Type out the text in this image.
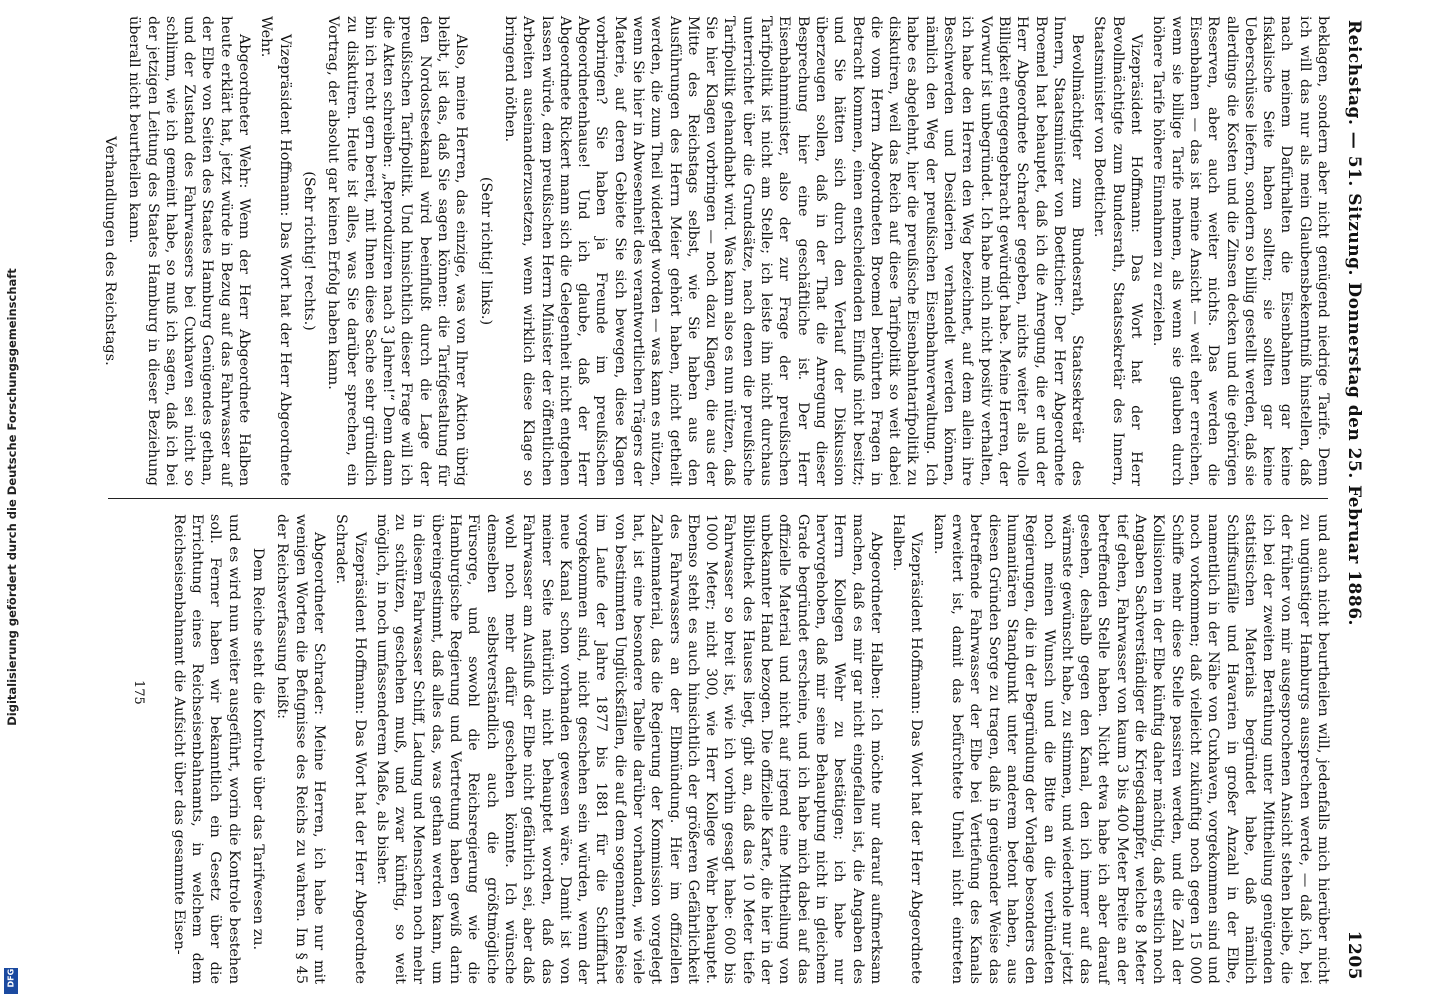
Digitalisierung gefördert durch die Deutsche Forschungsgemeinschaft
DFG
Reichstag. — 51. Sitzung. Donnerstag den 25. Februar 1886.
1205

beklagen, sondern aber nicht genügend niedrige Tarife. Denn ich will das nur als mein Glaubensbekenntniß hinstellen, daß nach meinem Dafürhalten die Eisenbahnen gar keine fiskalische Seite haben sollten; sie sollten gar keine Ueberschüsse liefern, sondern so billig gestellt werden, daß sie allerdings die Kosten und die Zinsen decken und die gehörigen Reserven, aber auch weiter nichts. Das werden die Eisenbahnen — das ist meine Ansicht — weit eher erreichen, wenn sie billige Tarife nehmen, als wenn sie glauben durch höhere Tarife höhere Einnahmen zu erzielen.

Vizepräsident Hoffmann: Das Wort hat der Herr Bevollmächtigte zum Bundesrath, Staatssekretär des Innern, Staatsminister von Boetticher.

Bevollmächtigter zum Bundesrath, Staatssekretär des Innern, Staatsminister von Boetticher: Der Herr Abgeordnete Broemel hat behauptet, daß ich die Anregung, die er und der Herr Abgeordnete Schrader gegeben, nichts weiter als volle Billigkeit entgegengebracht gewürdigt habe. Meine Herren, der Vorwurf ist unbegründet. Ich habe mich nicht positiv verhalten, ich habe den Herren den Weg bezeichnet, auf dem allein ihre Beschwerden und Desiderien verhandelt werden können, nämlich den Weg der preußischen Eisenbahnverwaltung. Ich habe es abgelehnt, hier die preußische Eisenbahntarifpolitik zu diskutiren, weil das Reich auf diese Tarifpolitik so weit dabei die vom Herrn Abgeordneten Broemel berührten Fragen in Betracht kommen, einen entscheidenden Einfluß nicht besitzt; und Sie hätten sich durch den Verlauf der Diskussion überzeugen sollen, daß in der That die Anregung dieser Besprechung hier eine geschäftliche ist. Der Herr Eisenbahnminister, also der zur Frage der preußischen Tarifpolitik ist nicht am Stelle; ich leiste ihn nicht durchaus unterrichtet über die Grundsätze, nach denen die preußische Tarifpolitik gehandhabt wird. Was kann also es nun nützen, daß Sie hier Klagen vorbringen — noch dazu Klagen, die aus der Mitte des Reichstags selbst, wie Sie haben aus den Ausführungen des Herrn Meier gehört haben, nicht getheilt werden, die zum Theil widerlegt worden — was kann es nützen, wenn Sie hier in Abwesenheit des verantwortlichen Trägers der Materie, auf deren Gebiete Sie sich bewegen, diese Klagen vorbringen? Sie haben ja Freunde im preußischen Abgeordnetenhause! Und ich glaube, daß der Herr Abgeordnete Rickert mann sich die Gelegenheit nicht entgehen lassen würde, dem preußischen Herrn Minister der öffentlichen Arbeiten auseinanderzusetzen, wenn wirklich diese Klage so bringend nöthen.

(Sehr richtig! links.)

Also, meine Herren, das einzige, was von Ihrer Aktion übrig bleibt, ist das, daß Sie sagen können: die Tarifgestaltung für den Nordostseekanal wird beeinflußt durch die Lage der preußischen Tarifpolitik. Und hinsichtlich dieser Frage will ich die Akten schreiben: „Reproduziren nach 3 Jahren!“ Denn dann bin ich recht gern bereit, mit Ihnen diese Sache sehr gründlich zu diskutiren. Heute ist alles, was Sie darüber sprechen, ein Vortrag, der absolut gar keinen Erfolg haben kann.

(Sehr richtig! rechts.)

Vizepräsident Hoffmann: Das Wort hat der Herr Abgeordnete Wehr.

Abgeordneter Wehr: Wenn der Herr Abgeordnete Halben heute erklärt hat, jetzt würde in Bezug auf das Fahrwasser auf der Elbe von Seiten des Staates Hamburg Genügendes gethan, und der Zustand des Fahrwassers bei Cuxhaven sei nicht so schlimm, wie ich gemeint habe, so muß ich sagen, daß ich bei der jetzigen Leitung des Staates Hamburg in dieser Beziehung überall nicht beurtheilen kann.

Verhandlungen des Reichstags.

und auch nicht beurtheilen will, jedenfalls mich hierüber nicht zu ungünstiger Hamburgs aussprechen werde, — daß ich, bei der früher von mir ausgesprochenen Ansicht stehen bleibe, die ich bei der zweiten Berathung unter Mittheilung genügenden statistischen Materials begründet habe, daß nämlich Schiffsunfälle und Havarien in großer Anzahl in der Elbe, namentlich in der Nähe von Cuxhaven, vorgekommen sind und noch vorkommen; daß vielleicht zukünftig noch gegen 15 000 Schiffe mehr diese Stelle passiren werden, und die Zahl der Kollisionen in der Elbe künftig daher mächtig, daß erstlich noch Angaben Sachverständiger die Kriegsdampfer, welche 8 Meter tief gehen, Fahrwasser von kaum 3 bis 400 Meter Breite an der betreffenden Stelle haben. Nicht etwa habe ich aber darauf gesehen, deshalb gegen den Kanal, den ich immer auf das wärmste gewünscht habe, zu stimmen, und wiederhole nur jetzt noch meinen Wunsch und die Bitte an die verbündeten Regierungen, die in der Begründung der Vorlage besonders den humanitären Standpunkt unter anderem betont haben, aus diesen Gründen Sorge zu tragen, daß in genügender Weise das betreffende Fahrwasser der Elbe bei Vertiefung des Kanals erweitert ist, damit das befürchtete Unheil nicht eintreten kann.

Vizepräsident Hoffmann: Das Wort hat der Herr Abgeordnete Halben.

Abgeordneter Halben: Ich möchte nur darauf aufmerksam machen, daß es mir gar nicht eingefallen ist, die Angaben des Herrn Kollegen Wehr zu bestätigen; ich habe nur hervorgehoben, daß mir seine Behauptung nicht in gleichem Grade begründet erscheine, und ich habe mich dabei auf das offizielle Material und nicht auf irgend eine Mittheilung von unbekannter Hand bezogen. Die offizielle Karte, die hier in der Bibliothek des Hauses liegt, gibt an, daß das 10 Meter tiefe Fahrwasser so breit ist, wie ich vorhin gesagt habe: 600 bis 1000 Meter; nicht 300, wie Herr Kollege Wehr behauptet. Ebenso steht es auch hinsichtlich der größeren Gefährlichkeit des Fahrwassers an der Elbmündung. Hier im offiziellen Zahlenmaterial, das die Regierung der Kommission vorgelegt hat, ist eine besondere Tabelle darüber vorhanden, wie viele von bestimmten Unglücksfällen, die auf dem sogenannten Reise im Laufe der Jahre 1877 bis 1881 für die Schifffahrt vorgekommen sind, nicht geschehen sein würden, wenn der neue Kanal schon vorhanden gewesen wäre. Damit ist von meiner Seite natürlich nicht behauptet worden, daß das Fahrwasser am Ausfluß der Elbe nicht gefährlich sei, aber daß wohl noch mehr dafür geschehen könnte. Ich wünsche demselben selbstverständlich auch die größtmögliche Fürsorge, und sowohl die Reichsregierung wie die Hamburgische Regierung und Vertretung haben gewiß darin übereingestimmt, daß alles das, was gethan werden kann, um in diesem Fahrwasser Schiff, Ladung und Menschen noch mehr zu schützen, geschehen muß, und zwar künftig, so weit möglich, in noch umfassenderem Maße, als bisher.

Vizepräsident Hoffmann: Das Wort hat der Herr Abgeordnete Schrader.

Abgeordneter Schrader: Meine Herren, ich habe nur mit wenigen Worten die Befugnisse des Reichs zu wahren. Im § 45 der Reichsverfassung heißt:

Dem Reiche steht die Kontrole über das Tarifwesen zu.

und es wird nun weiter ausgeführt, worin die Kontrole bestehen soll. Ferner haben wir bekanntlich ein Gesetz über die Errichtung eines Reichseisenbahnamts, in welchem dem Reichseisenbahnamt die Aufsicht über das gesammte Eisen-

175
